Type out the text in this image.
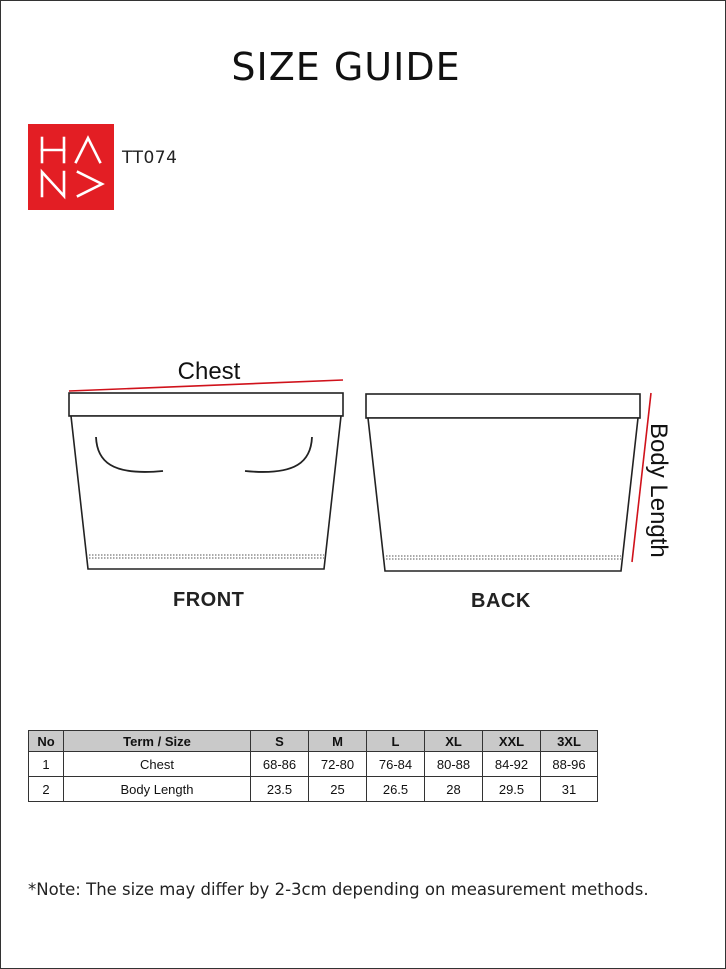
SIZE GUIDE
TT074
Chest
Body Length
FRONT	BACK
No	Term / Size	S	M	L	XL	XXL	3XL
1	Chest	68-86	72-80	76-84	80-88	84-92	88-96
2	Body Length	23.5	25	26.5	28	29.5	31
*Note: The size may differ by 2-3cm depending on measurement methods.
